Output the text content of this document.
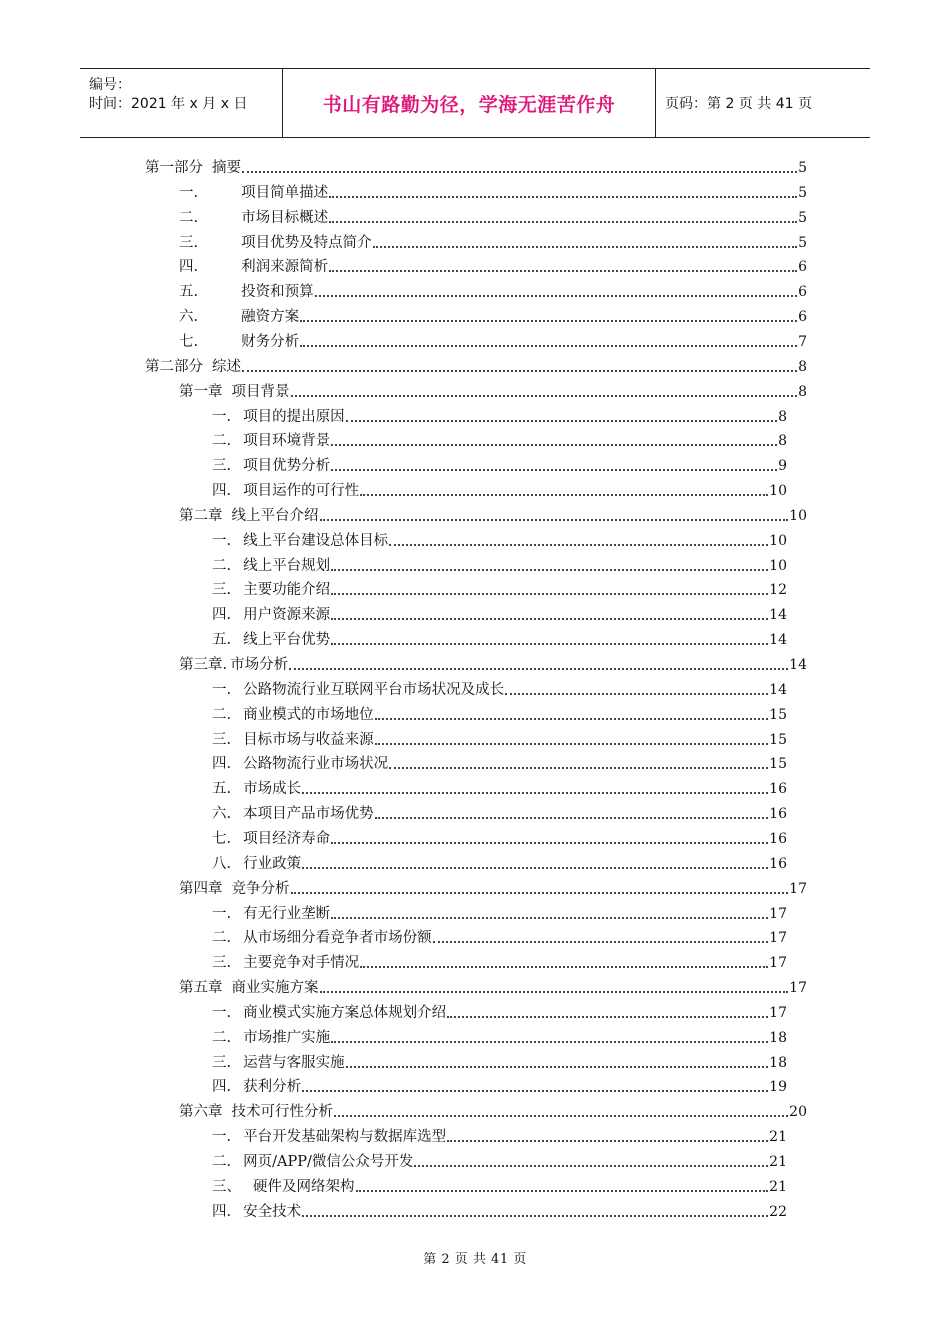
编号：
时间：2021 年 x 月 x 日	书山有路勤为径，学海无涯苦作舟	页码：第 2 页 共 41 页
第一部分 摘要	5
一.	项目简单描述	5
二.	市场目标概述	5
三.	项目优势及特点简介	5
四.	利润来源简析	6
五.	投资和预算	6
六.	融资方案	6
七.	财务分析	7
第二部分 综述	8
第一章 项目背景	8
一. 项目的提出原因	8
二. 项目环境背景	8
三. 项目优势分析	9
四. 项目运作的可行性	10
第二章 线上平台介绍	10
一. 线上平台建设总体目标	10
二. 线上平台规划	10
三. 主要功能介绍	12
四. 用户资源来源	14
五. 线上平台优势	14
第三章. 市场分析	14
一. 公路物流行业互联网平台市场状况及成长	14
二. 商业模式的市场地位	15
三. 目标市场与收益来源	15
四. 公路物流行业市场状况	15
五. 市场成长	16
六. 本项目产品市场优势	16
七. 项目经济寿命	16
八. 行业政策	16
第四章 竞争分析	17
一. 有无行业垄断	17
二. 从市场细分看竞争者市场份额	17
三. 主要竞争对手情况	17
第五章 商业实施方案	17
一. 商业模式实施方案总体规划介绍	17
二. 市场推广实施	18
三. 运营与客服实施	18
四. 获利分析	19
第六章 技术可行性分析	20
一. 平台开发基础架构与数据库选型	21
二. 网页/APP/微信公众号开发	21
三、 硬件及网络架构	21
四. 安全技术	22
第 2 页 共 41 页
